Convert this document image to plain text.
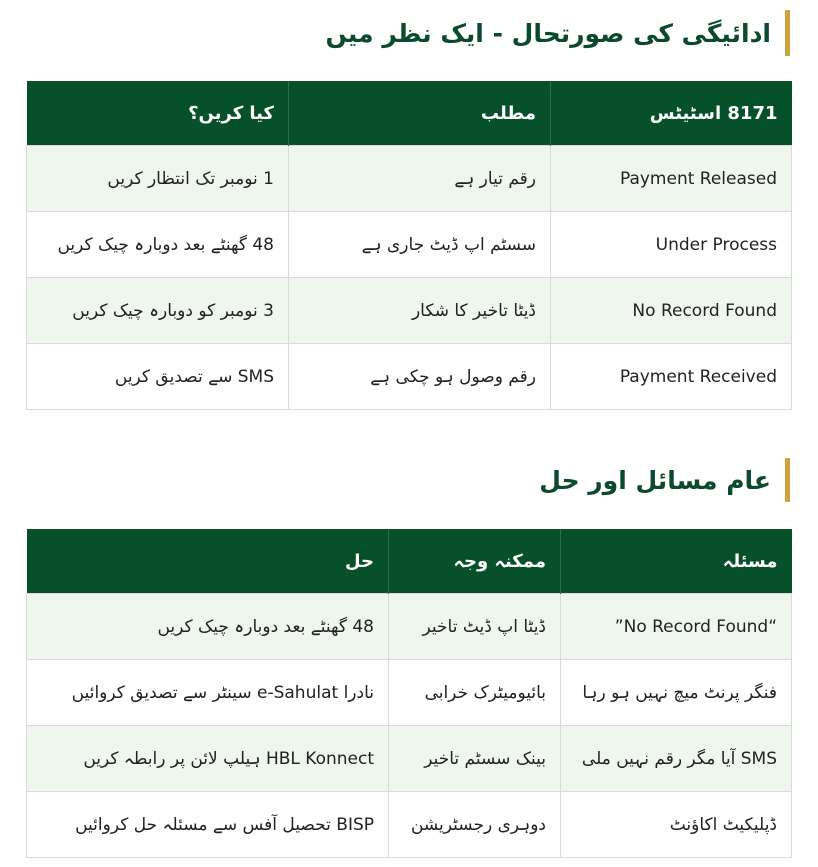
ادائیگی کی صورتحال - ایک نظر میں
8171 اسٹیٹس	مطلب	کیا کریں؟
Payment Released	رقم تیار ہے	1 نومبر تک انتظار کریں
Under Process	سسٹم اپ ڈیٹ جاری ہے	48 گھنٹے بعد دوبارہ چیک کریں
No Record Found	ڈیٹا تاخیر کا شکار	3 نومبر کو دوبارہ چیک کریں
Payment Received	رقم وصول ہو چکی ہے	SMS سے تصدیق کریں
عام مسائل اور حل
مسئلہ	ممکنہ وجہ	حل
“No Record Found”	ڈیٹا اپ ڈیٹ تاخیر	48 گھنٹے بعد دوبارہ چیک کریں
فنگر پرنٹ میچ نہیں ہو رہا	بائیومیٹرک خرابی	نادرا e-Sahulat سینٹر سے تصدیق کروائیں
SMS آیا مگر رقم نہیں ملی	بینک سسٹم تاخیر	HBL Konnect ہیلپ لائن پر رابطہ کریں
ڈپلیکیٹ اکاؤنٹ	دوہری رجسٹریشن	BISP تحصیل آفس سے مسئلہ حل کروائیں
